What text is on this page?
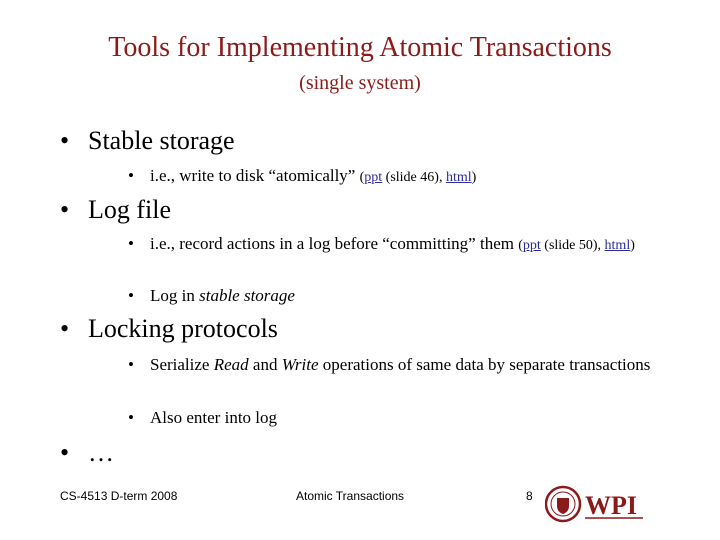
Tools for Implementing Atomic Transactions
(single system)
• Stable storage
• i.e., write to disk “atomically” (ppt (slide 46), html)
• Log file
• i.e., record actions in a log before “committing” them (ppt (slide 50), html)
• Log in stable storage
• Locking protocols
• Serialize Read and Write operations of same data by separate transactions
• Also enter into log
• …
CS-4513 D-term 2008	Atomic Transactions	8 WPI
